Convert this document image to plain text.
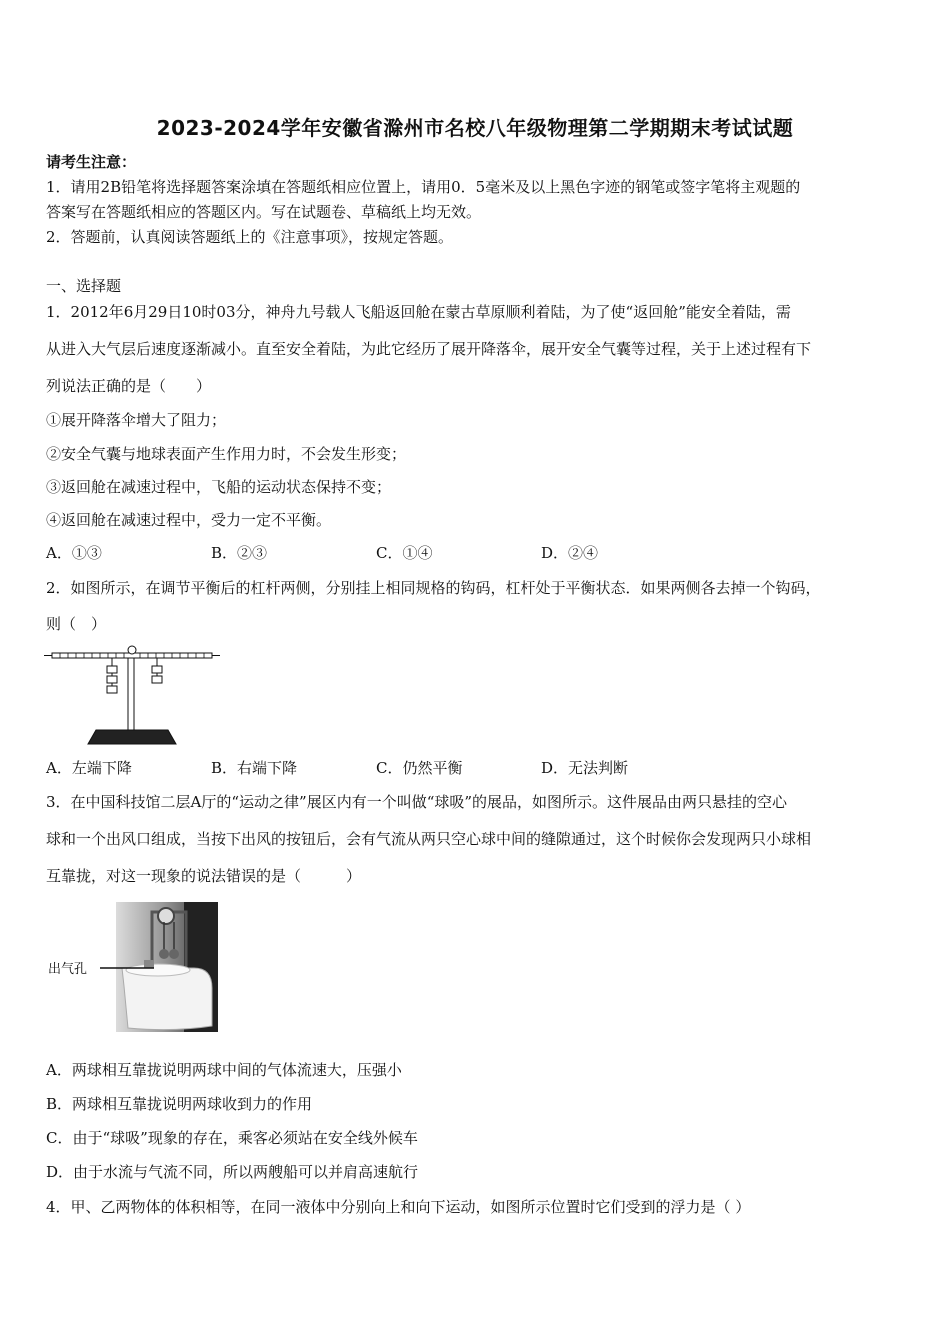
2023-2024学年安徽省滁州市名校八年级物理第二学期期末考试试题
请考生注意：
1．请用2B铅笔将选择题答案涂填在答题纸相应位置上，请用0．5毫米及以上黑色字迹的钢笔或签字笔将主观题的
答案写在答题纸相应的答题区内。写在试题卷、草稿纸上均无效。
2．答题前，认真阅读答题纸上的《注意事项》，按规定答题。
一、选择题
1．2012年6月29日10时03分，神舟九号载人飞船返回舱在蒙古草原顺利着陆，为了使“返回舱”能安全着陆，需
从进入大气层后速度逐渐减小。直至安全着陆，为此它经历了展开降落伞，展开安全气囊等过程，关于上述过程有下
列说法正确的是（　　）
①展开降落伞增大了阻力；
②安全气囊与地球表面产生作用力时，不会发生形变；
③返回舱在减速过程中，飞船的运动状态保持不变；
④返回舱在减速过程中，受力一定不平衡。
A．①③	B．②③	C．①④	D．②④
2．如图所示，在调节平衡后的杠杆两侧，分别挂上相同规格的钩码，杠杆处于平衡状态．如果两侧各去掉一个钩码，
则（　）
A．左端下降	B．右端下降	C．仍然平衡	D．无法判断
3．在中国科技馆二层A厅的“运动之律”展区内有一个叫做“球吸”的展品，如图所示。这件展品由两只悬挂的空心
球和一个出风口组成，当按下出风的按钮后，会有气流从两只空心球中间的缝隙通过，这个时候你会发现两只小球相
互靠拢，对这一现象的说法错误的是（　　　）
出气孔
A．两球相互靠拢说明两球中间的气体流速大，压强小
B．两球相互靠拢说明两球收到力的作用
C．由于“球吸”现象的存在，乘客必须站在安全线外候车
D．由于水流与气流不同，所以两艘船可以并肩高速航行
4．甲、乙两物体的体积相等，在同一液体中分别向上和向下运动，如图所示位置时它们受到的浮力是（ ）
